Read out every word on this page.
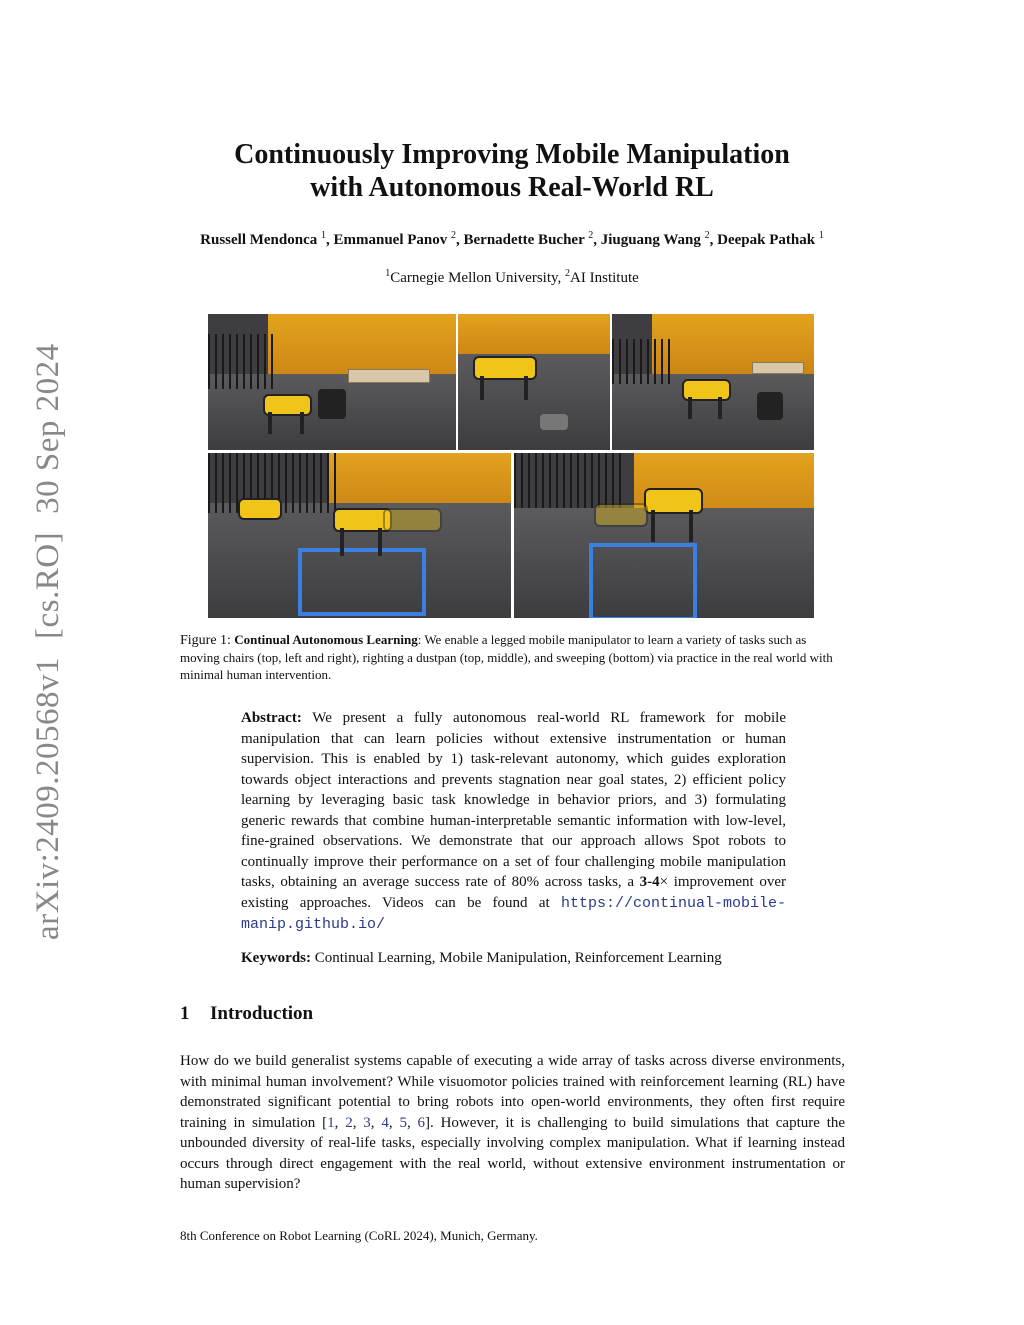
arXiv:2409.20568v1
[cs.RO]
30 Sep 2024
Continuously Improving Mobile Manipulation
with Autonomous Real-World RL
Russell Mendonca $^1$, Emmanuel Panov $^2$, Bernadette Bucher $^2$, Jiuguang Wang $^2$, Deepak Pathak $^1$
$^1$Carnegie Mellon University, $^2$AI Institute
Figure 1: Continual Autonomous Learning: We enable a legged mobile manipulator to learn a variety of tasks such as moving chairs (top, left and right), righting a dustpan (top, middle), and sweeping (bottom) via practice in the real world with minimal human intervention.
Abstract: We present a fully autonomous real-world RL framework for mobile manipulation that can learn policies without extensive instrumentation or human supervision. This is enabled by 1) task-relevant autonomy, which guides exploration towards object interactions and prevents stagnation near goal states, 2) efficient policy learning by leveraging basic task knowledge in behavior priors, and 3) formulating generic rewards that combine human-interpretable semantic information with low-level, fine-grained observations. We demonstrate that our approach allows Spot robots to continually improve their performance on a set of four challenging mobile manipulation tasks, obtaining an average success rate of 80% across tasks, a 3-4× improvement over existing approaches. Videos can be found at https://continual-mobile-manip.github.io/
Keywords: Continual Learning, Mobile Manipulation, Reinforcement Learning
1 Introduction
How do we build generalist systems capable of executing a wide array of tasks across diverse environments, with minimal human involvement? While visuomotor policies trained with reinforcement learning (RL) have demonstrated significant potential to bring robots into open-world environments, they often first require training in simulation [1, 2, 3, 4, 5, 6]. However, it is challenging to build simulations that capture the unbounded diversity of real-life tasks, especially involving complex manipulation. What if learning instead occurs through direct engagement with the real world, without extensive environment instrumentation or human supervision?
8th Conference on Robot Learning (CoRL 2024), Munich, Germany.
